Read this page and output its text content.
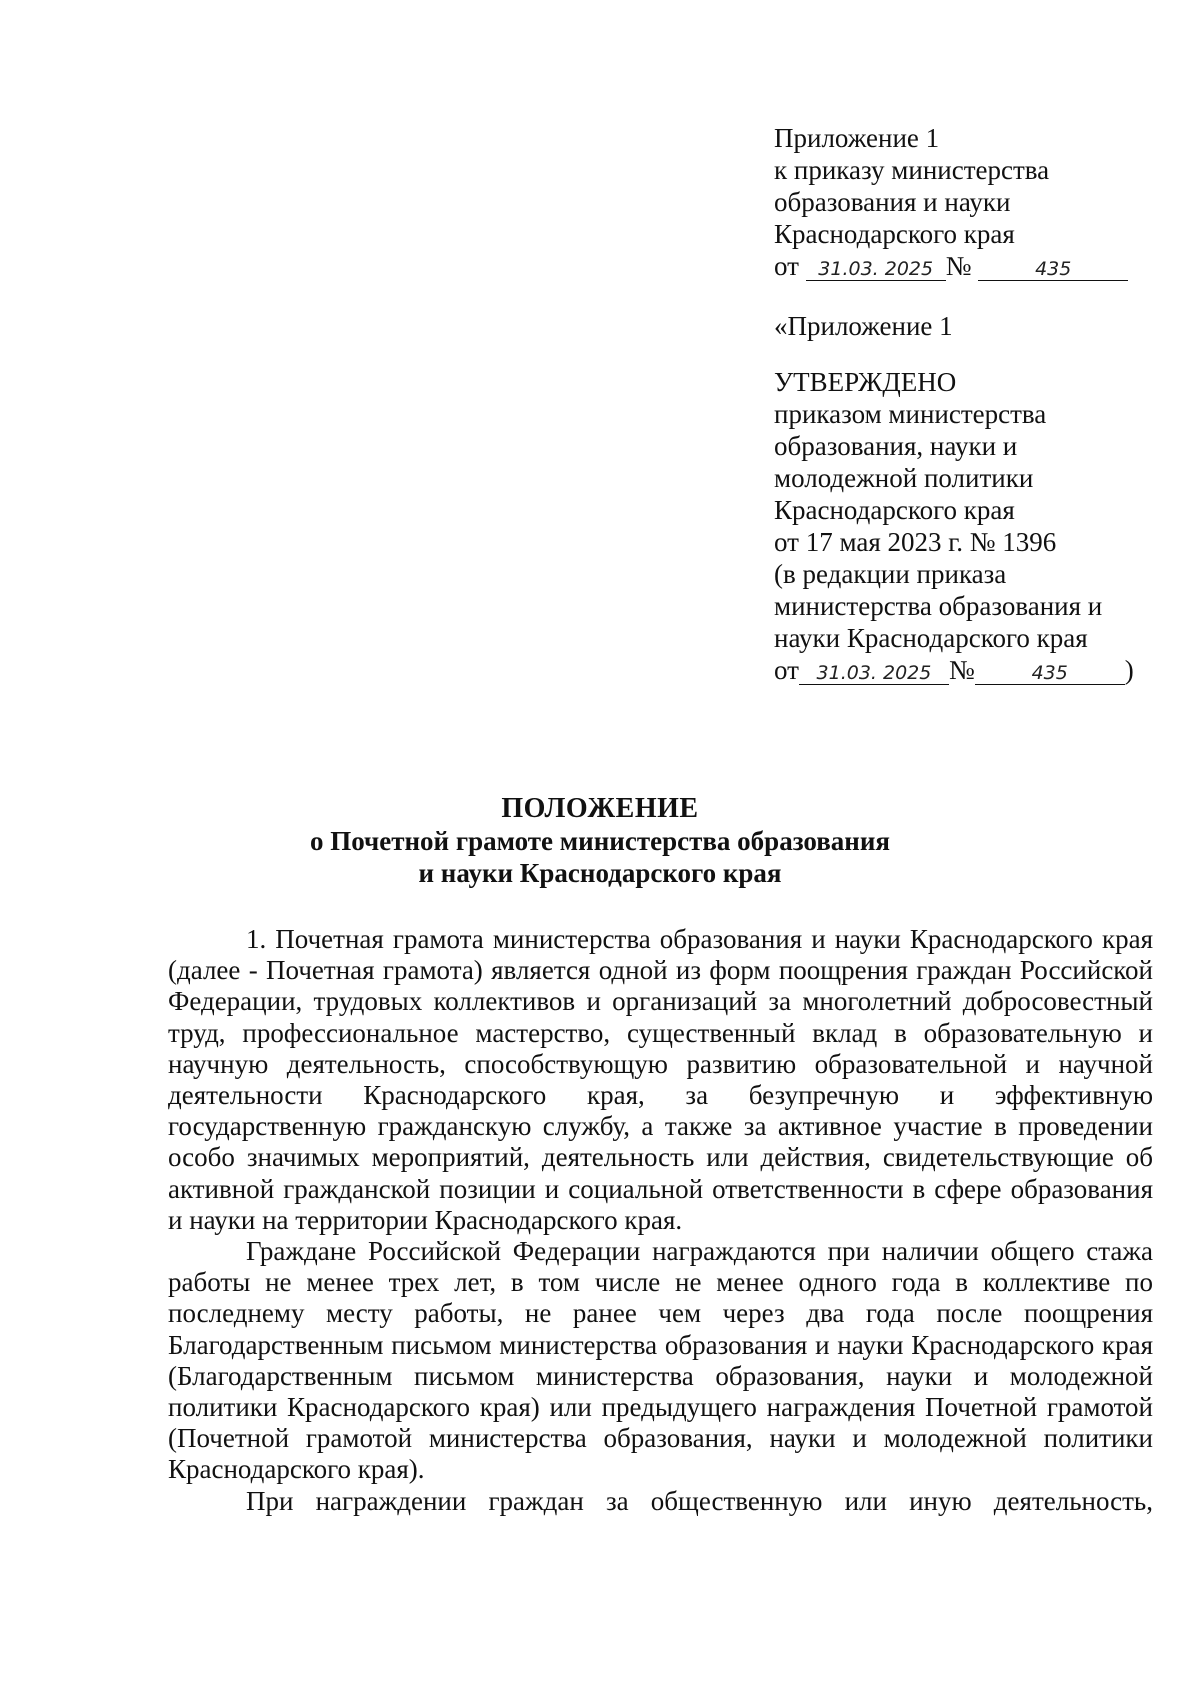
Приложение 1
к приказу министерства
образования и науки
Краснодарского края
от 31.03. 2025 №	435
«Приложение 1
УТВЕРЖДЕНО
приказом министерства
образования, науки и
молодежной политики
Краснодарского края
от 17 мая 2023 г. № 1396
(в редакции приказа
министерства образования и
науки Краснодарского края
от 31.03. 2025 №	435 )
ПОЛОЖЕНИЕ
о Почетной грамоте министерства образования
и науки Краснодарского края

1. Почетная грамота министерства образования и науки Краснодарского края (далее - Почетная грамота) является одной из форм поощрения граждан Российской Федерации, трудовых коллективов и организаций за многолетний добросовестный труд, профессиональное мастерство, существенный вклад в образовательную и научную деятельность, способствующую развитию образовательной и научной деятельности Краснодарского края, за безупречную и эффективную государственную гражданскую службу, а также за активное участие в проведении особо значимых мероприятий, деятельность или действия, свидетельствующие об активной гражданской позиции и социальной ответственности в сфере образования и науки на территории Краснодарского края.

Граждане Российской Федерации награждаются при наличии общего стажа работы не менее трех лет, в том числе не менее одного года в коллективе по последнему месту работы, не ранее чем через два года после поощрения Благодарственным письмом министерства образования и науки Краснодарского края (Благодарственным письмом министерства образования, науки и молодежной политики Краснодарского края) или предыдущего награждения Почетной грамотой (Почетной грамотой министерства образования, науки и молодежной политики Краснодарского края).

При награждении граждан за общественную или иную деятельность,
